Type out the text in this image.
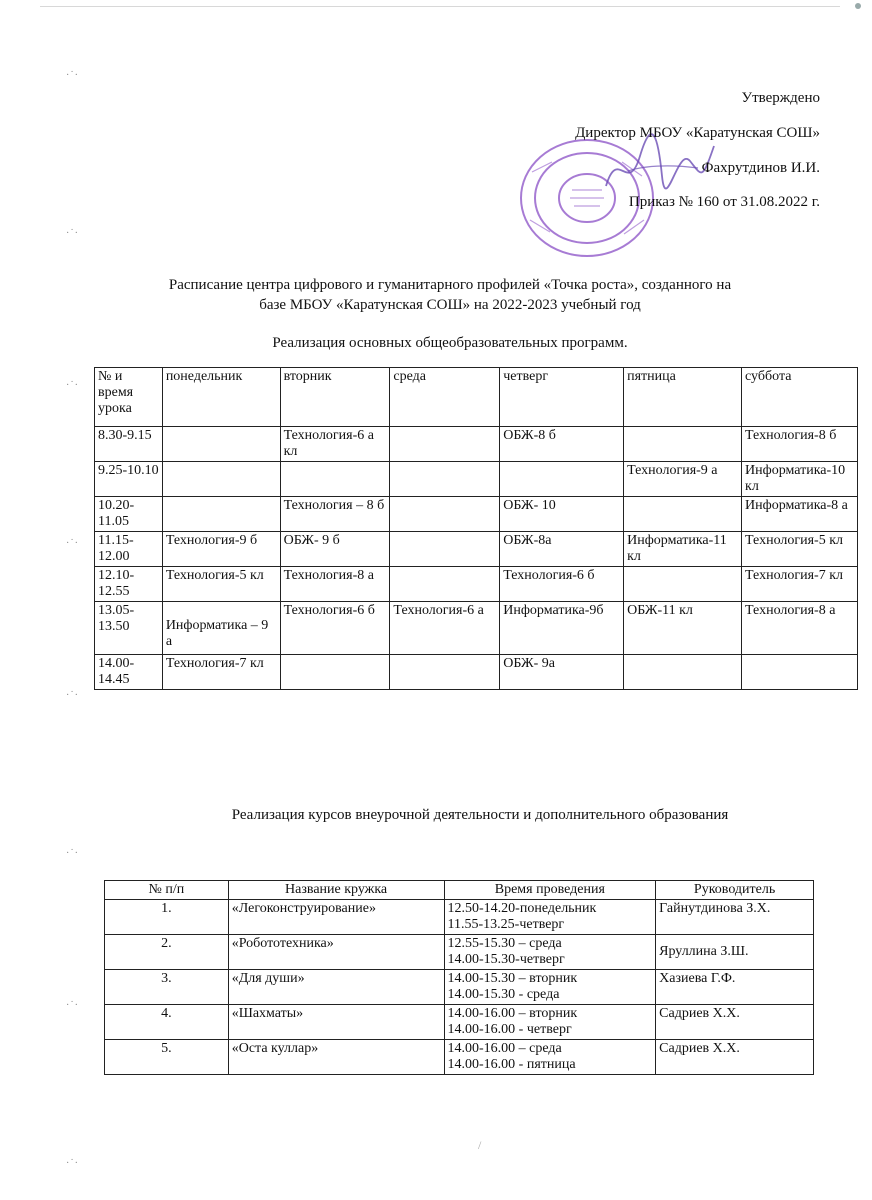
·˙·
·˙·
·˙·
·˙·
·˙·
·˙·
·˙·
·˙·
Утверждено
Директор МБОУ «Каратунская СОШ»
Фахрутдинов И.И.
Приказ № 160 от 31.08.2022 г.
Расписание центра цифрового и гуманитарного профилей «Точка роста», созданного на
базе МБОУ «Каратунская СОШ» на 2022-2023 учебный год
Реализация основных общеобразовательных программ.
№ и время урока	понедельник	вторник	среда	четверг	пятница	суббота
8.30-9.15		Технология-6 а кл		ОБЖ-8 б		Технология-8 б
9.25-10.10					Технология-9 а	Информатика-10 кл
10.20-11.05		Технология – 8 б		ОБЖ- 10		Информатика-8 а
11.15-12.00	Технология-9 б	ОБЖ- 9 б		ОБЖ-8а	Информатика-11 кл	Технология-5 кл
12.10-12.55	Технология-5 кл	Технология-8 а		Технология-6 б		Технология-7 кл
13.05-13.50	Информатика – 9 а	Технология-6 б	Технология-6 а	Информатика-9б	ОБЖ-11 кл	Технология-8 а
14.00-14.45	Технология-7 кл			ОБЖ- 9а		
Реализация курсов внеурочной деятельности и дополнительного образования
№ п/п	Название кружка	Время проведения	Руководитель
1.	«Легоконструирование»	12.50-14.20-понедельник
11.55-13.25-четверг	Гайнутдинова З.Х.
2.	«Робототехника»	12.55-15.30 – среда
14.00-15.30-четверг	Яруллина З.Ш.
3.	«Для души»	14.00-15.30 – вторник
14.00-15.30 - среда	Хазиева Г.Ф.
4.	«Шахматы»	14.00-16.00 – вторник
14.00-16.00 - четверг	Садриев Х.Х.
5.	«Оста куллар»	14.00-16.00 – среда
14.00-16.00 - пятница	Садриев Х.Х.
/
